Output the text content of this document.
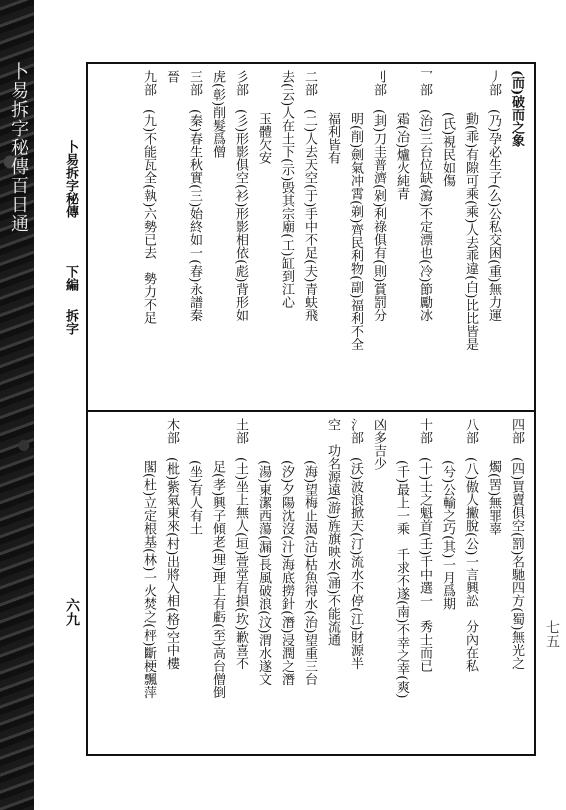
卜易拆字秘傳百日通	卜易拆字秘傳 下編 拆字
六九
七五
(而)破而之象
丿部　(乃)孕必生子(么)公私交困(重)無力運
動(乖)有隙可乘(乘)人去乖違(白)比比皆是
(氏)視民如傷
乛部　(治)三台位缺(瀉)不定漂也(冷)節勵冰
霜(冶)爐火純青
刂部　(刲)刀圭普濟(剁)利祿俱有(則)賞罰分
明(削)劍氣冲霄(剃)齊民利物(副)福利不全
福利皆有
二部　(二)人去天空(于)手中不足(夫)青蚨飛
去(云)人在土下(示)毁其宗廟(工)缸到江心
玉體欠安
彡部　(彡)形影俱空(衫)形影相依(彪)背形如
虎(彰)削髮爲僧
三部　(秦)春生秋實(三)始終如一(春)永譜秦
晉
九部　(九)不能瓦全(執)六勢已去　勢力不足
四部　(四)買賣俱空(罰)名馳四方(蜀)無光之
燭(罟)無罪辜
八部　(八)傲人撇脫(公)一言興訟　分內在私
(兮)公輸之巧(其)一月爲期
十部　(十)士之魁首(壬)千中選一　秀士而已
(千)最上一乘　千求不遂(南)不幸之幸(爽)
凶多吉少
氵部　(沃)波浪掀天(汀)流水不停(江)財源半
空　功名源遠(游)旌旗映水(涌)不能流通
(海)望梅止渴(沽)枯魚得水(治)望重三台
(汐)夕陽沈沒(汁)海底撈針(潛)浸潤之潛
(湯)東潔西蕩(漏)長風破浪(汶)渭水遂文
土部　(土)坐上無人(垣)萱堂有損(坎)歉喜不
足(孝)興子傾老(埋)理上有虧(至)高台僧倒
(坐)有人有土
木部　(枇)紫氣東來(村)出將入相(格)空中樓
閣(杜)立定根基(林)一火焚之(枰)斷梗飄萍
